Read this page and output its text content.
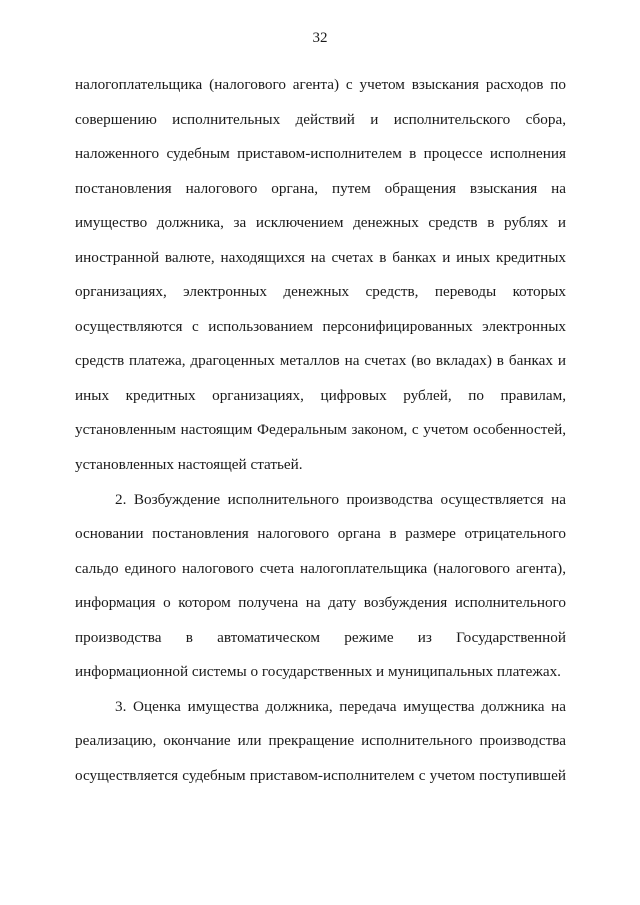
32
налогоплательщика (налогового агента) с учетом взыскания расходов по
совершению исполнительных действий и исполнительского сбора,
наложенного судебным приставом-исполнителем в процессе исполнения
постановления налогового органа, путем обращения взыскания на
имущество должника, за исключением денежных средств в рублях и
иностранной валюте, находящихся на счетах в банках и иных кредитных
организациях, электронных денежных средств, переводы которых
осуществляются с использованием персонифицированных электронных
средств платежа, драгоценных металлов на счетах (во вкладах) в банках и
иных кредитных организациях, цифровых рублей, по правилам,
установленным настоящим Федеральным законом, с учетом особенностей,
установленных настоящей статьей.
2. Возбуждение исполнительного производства осуществляется на
основании постановления налогового органа в размере отрицательного
сальдо единого налогового счета налогоплательщика (налогового агента),
информация о котором получена на дату возбуждения исполнительного
производства в автоматическом режиме из Государственной
информационной системы о государственных и муниципальных платежах.
3. Оценка имущества должника, передача имущества должника на
реализацию, окончание или прекращение исполнительного производства
осуществляется судебным приставом-исполнителем с учетом поступившей
